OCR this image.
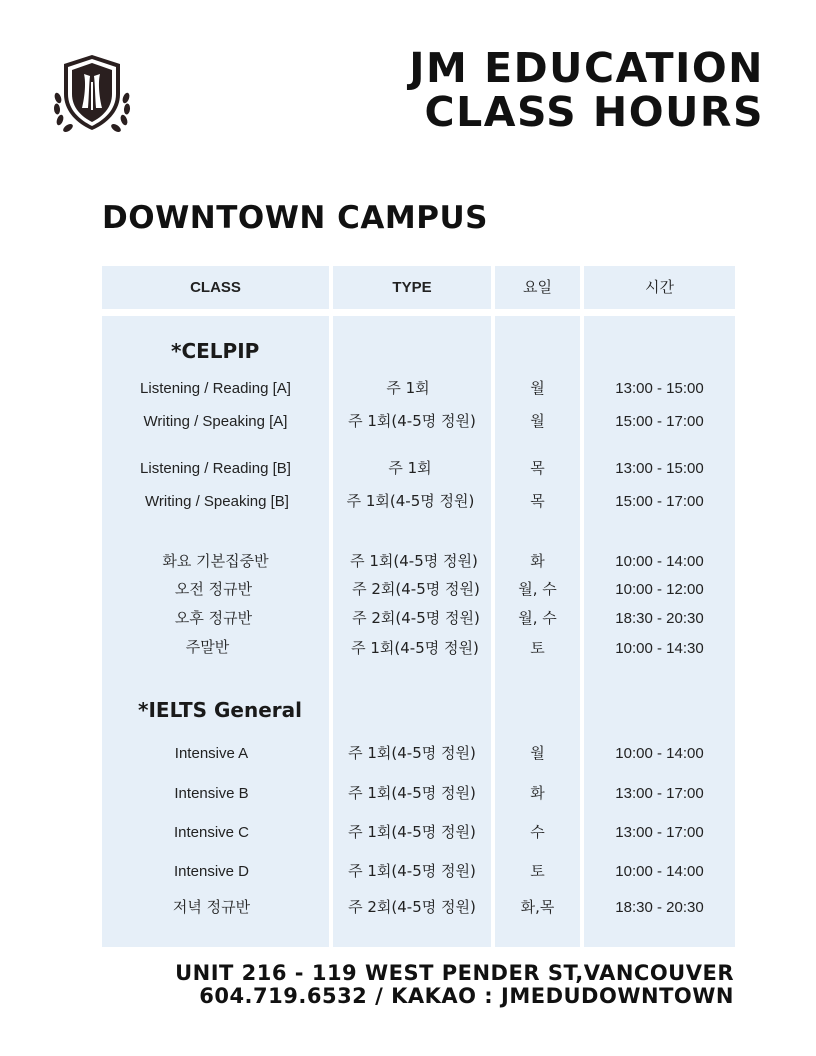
JM EDUCATION
CLASS HOURS
DOWNTOWN CAMPUS
CLASS	TYPE	요일	시간
*CELPIP
*IELTS General
Listening / Reading [A]	주 1회	월	13:00 - 15:00
Writing / Speaking [A]	주 1회(4-5명 정원)	월	15:00 - 17:00
Listening / Reading [B]	주 1회	목	13:00 - 15:00
Writing / Speaking [B]	주 1회(4-5명 정원)	목	15:00 - 17:00
화요 기본집중반	주 1회(4-5명 정원)	화	10:00 - 14:00
오전 정규반	주 2회(4-5명 정원)	월, 수	10:00 - 12:00
오후 정규반	주 2회(4-5명 정원)	월, 수	18:30 - 20:30
주말반	주 1회(4-5명 정원)	토	10:00 - 14:30
Intensive A	주 1회(4-5명 정원)	월	10:00 - 14:00
Intensive B	주 1회(4-5명 정원)	화	13:00 - 17:00
Intensive C	주 1회(4-5명 정원)	수	13:00 - 17:00
Intensive D	주 1회(4-5명 정원)	토	10:00 - 14:00
저녁 정규반	주 2회(4-5명 정원)	화,목	18:30 - 20:30
UNIT 216 - 119 WEST PENDER ST,VANCOUVER
604.719.6532 / KAKAO : JMEDUDOWNTOWN
